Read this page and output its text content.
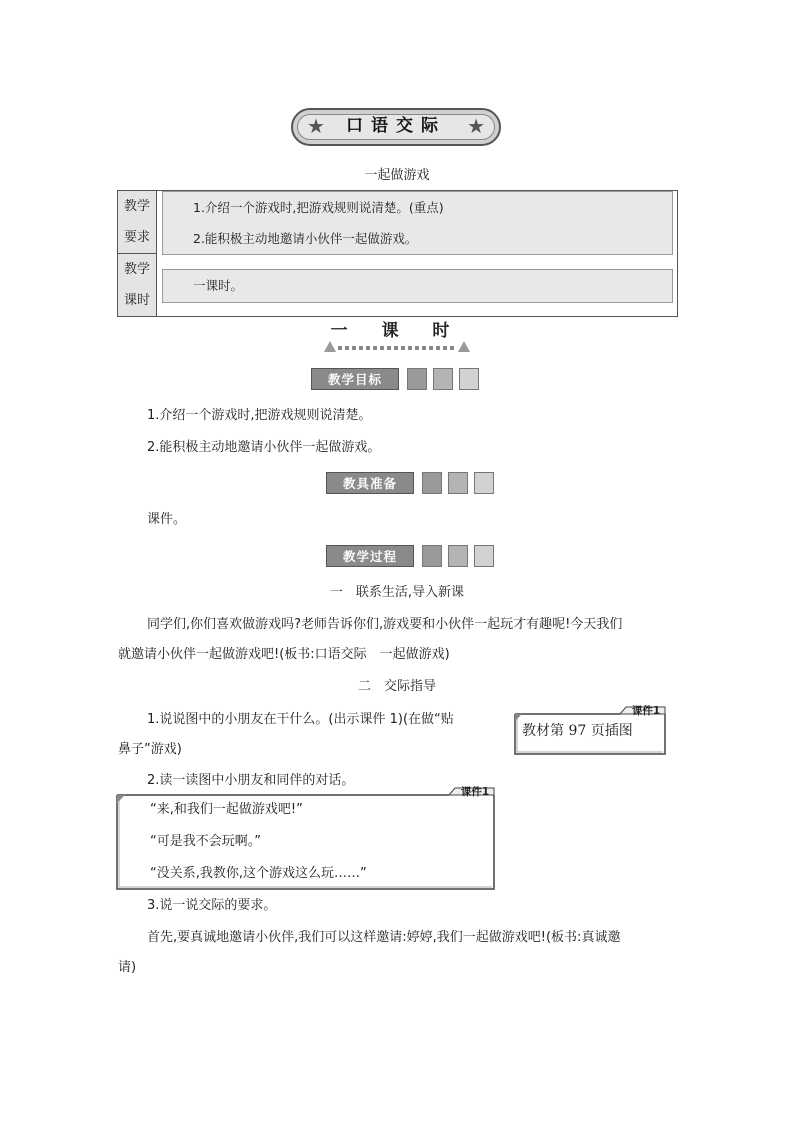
★	★
口语交际
一起做游戏
教学
要求
1.介绍一个游戏时,把游戏规则说清楚。(重点)
2.能积极主动地邀请小伙伴一起做游戏。
教学
课时
一课时。
一 课 时
教学目标
1.介绍一个游戏时,把游戏规则说清楚。
2.能积极主动地邀请小伙伴一起做游戏。
教具准备
课件。
教学过程
一　联系生活,导入新课
同学们,你们喜欢做游戏吗?老师告诉你们,游戏要和小伙伴一起玩才有趣呢!今天我们
就邀请小伙伴一起做游戏吧!(板书:口语交际　一起做游戏)
二　交际指导
1.说说图中的小朋友在干什么。(出示课件 1)(在做“贴
鼻子”游戏)
课件1
教材第 97 页插图
2.读一读图中小朋友和同伴的对话。
课件1
“来,和我们一起做游戏吧!”
“可是我不会玩啊。”
“没关系,我教你,这个游戏这么玩……”
3.说一说交际的要求。
首先,要真诚地邀请小伙伴,我们可以这样邀请:婷婷,我们一起做游戏吧!(板书:真诚邀
请)
